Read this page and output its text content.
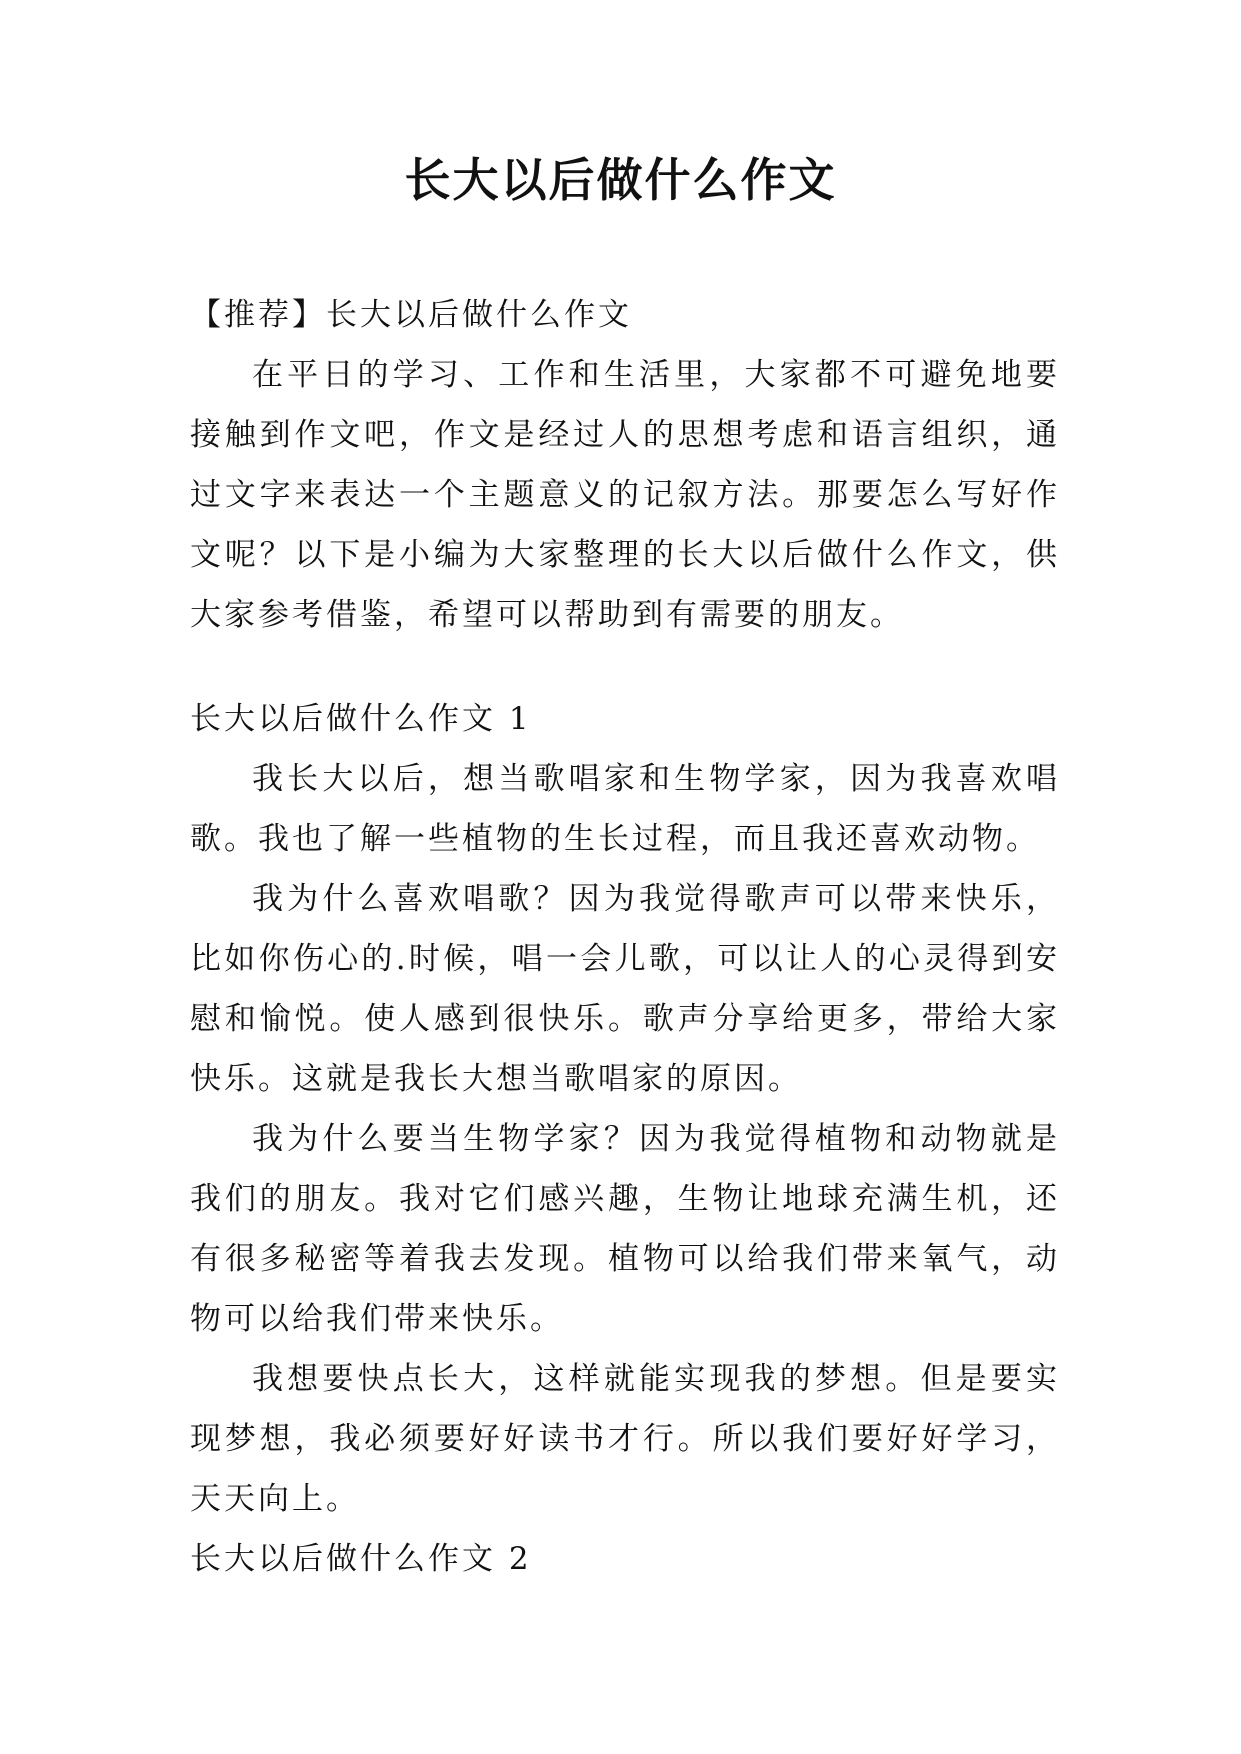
长大以后做什么作文

【推荐】长大以后做什么作文

在平日的学习、工作和生活里，大家都不可避免地要接触到作文吧，作文是经过人的思想考虑和语言组织，通过文字来表达一个主题意义的记叙方法。那要怎么写好作文呢？以下是小编为大家整理的长大以后做什么作文，供大家参考借鉴，希望可以帮助到有需要的朋友。

长大以后做什么作文 1

我长大以后，想当歌唱家和生物学家，因为我喜欢唱歌。我也了解一些植物的生长过程，而且我还喜欢动物。

我为什么喜欢唱歌？因为我觉得歌声可以带来快乐，比如你伤心的.时候，唱一会儿歌，可以让人的心灵得到安慰和愉悦。使人感到很快乐。歌声分享给更多，带给大家快乐。这就是我长大想当歌唱家的原因。

我为什么要当生物学家？因为我觉得植物和动物就是我们的朋友。我对它们感兴趣，生物让地球充满生机，还有很多秘密等着我去发现。植物可以给我们带来氧气，动物可以给我们带来快乐。

我想要快点长大，这样就能实现我的梦想。但是要实现梦想，我必须要好好读书才行。所以我们要好好学习，天天向上。

长大以后做什么作文 2
